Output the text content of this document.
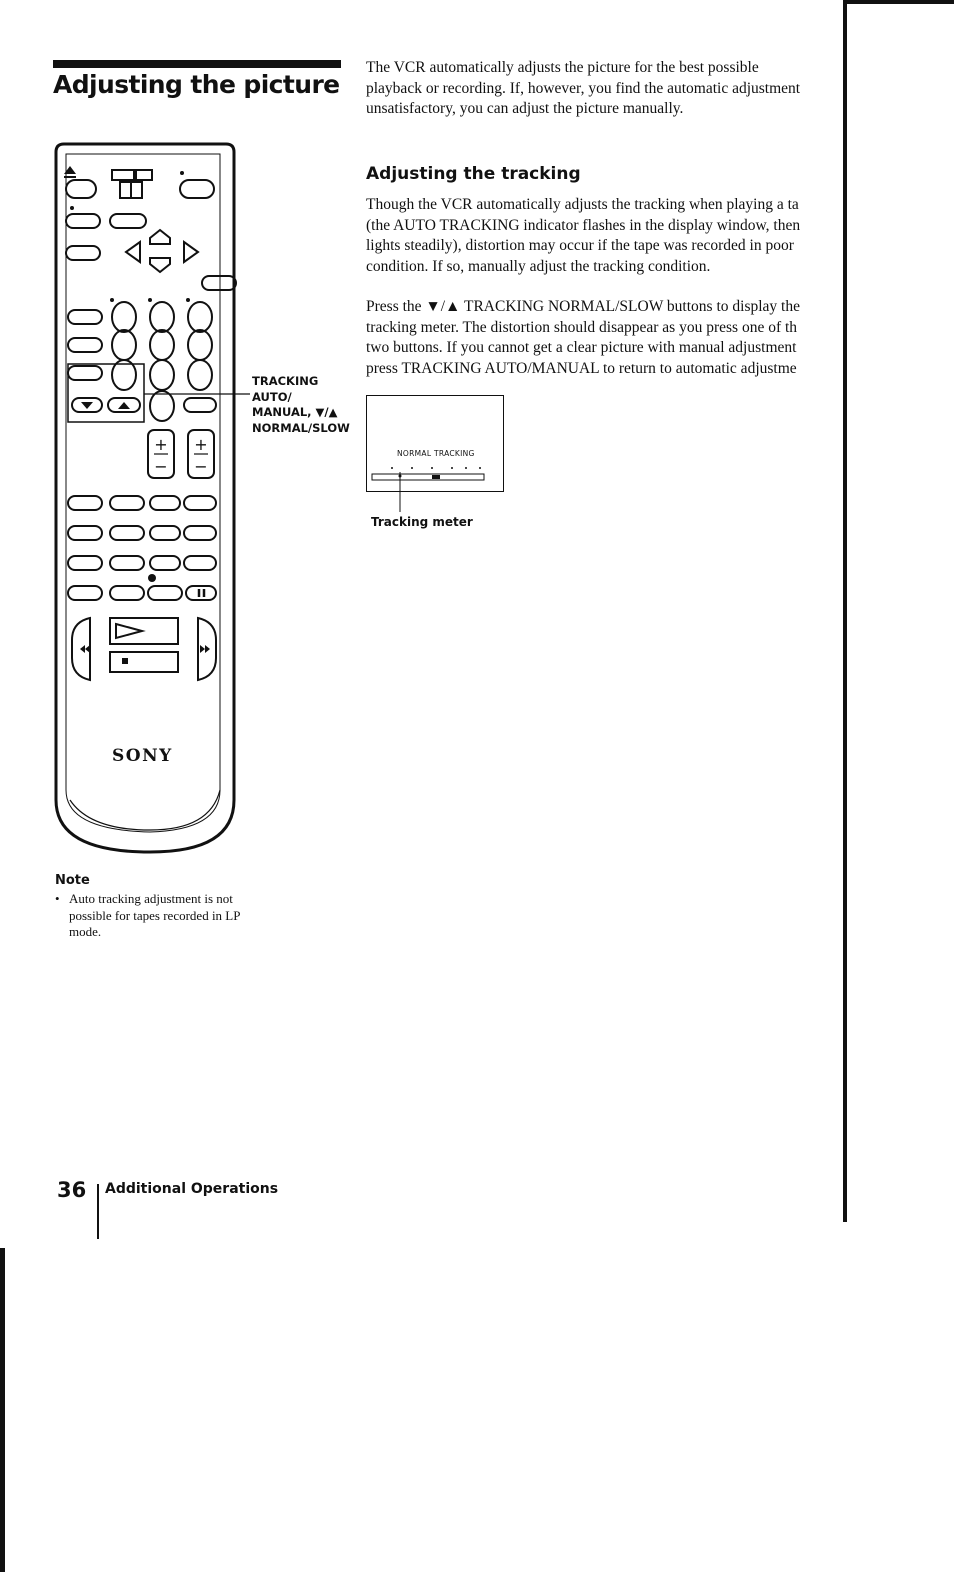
Adjusting the picture

The VCR automatically adjusts the picture for the best possible
playback or recording. If, however, you find the automatic adjustment
unsatisfactory, you can adjust the picture manually.

Adjusting the tracking

Though the VCR automatically adjusts the tracking when playing a ta
(the AUTO TRACKING indicator flashes in the display window, then
lights steadily), distortion may occur if the tape was recorded in poor
condition. If so, manually adjust the tracking condition.

Press the ▼/▲ TRACKING NORMAL/SLOW buttons to display the
tracking meter. The distortion should disappear as you press one of th
two buttons. If you cannot get a clear picture with manual adjustment
press TRACKING AUTO/MANUAL to return to automatic adjustme

+
−
+
−
SONY
TRACKING
AUTO/
MANUAL, ▼/▲
NORMAL/SLOW
NORMAL TRACKING
Tracking meter
Note
• Auto tracking adjustment is not possible for tapes recorded in LP mode.
36 Additional Operations
